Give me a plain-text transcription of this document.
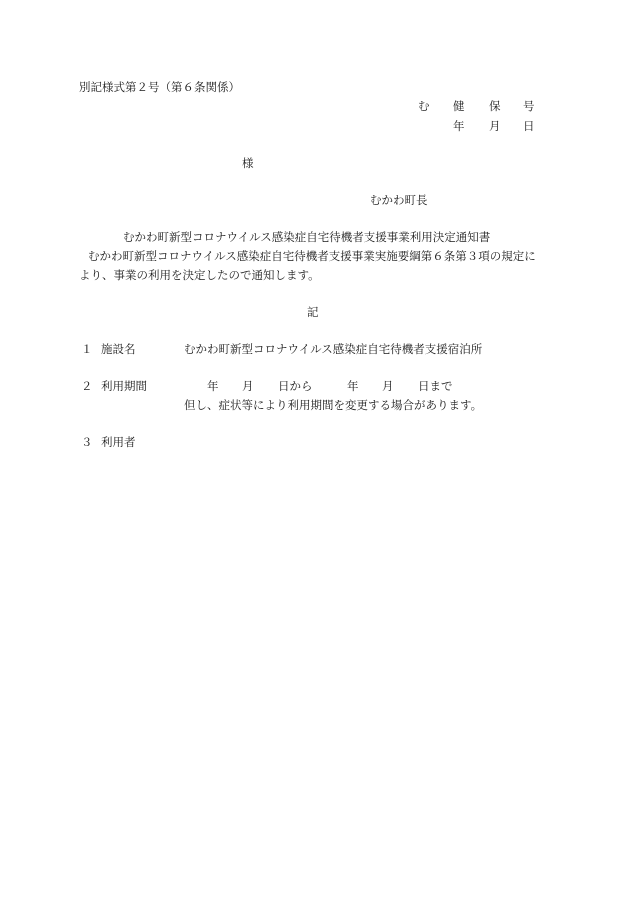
別記様式第２号（第６条関係）
む 健 保 号
年 月 日
様
むかわ町長
むかわ町新型コロナウイルス感染症自宅待機者支援事業利用決定通知書
むかわ町新型コロナウイルス感染症自宅待機者支援事業実施要綱第６条第３項の規定に
より、事業の利用を決定したので通知します。
記
１ 施設名	むかわ町新型コロナウイルス感染症自宅待機者支援宿泊所
２ 利用期間	年 月 日から	年 月 日まで
但し、症状等により利用期間を変更する場合があります。
３ 利用者
